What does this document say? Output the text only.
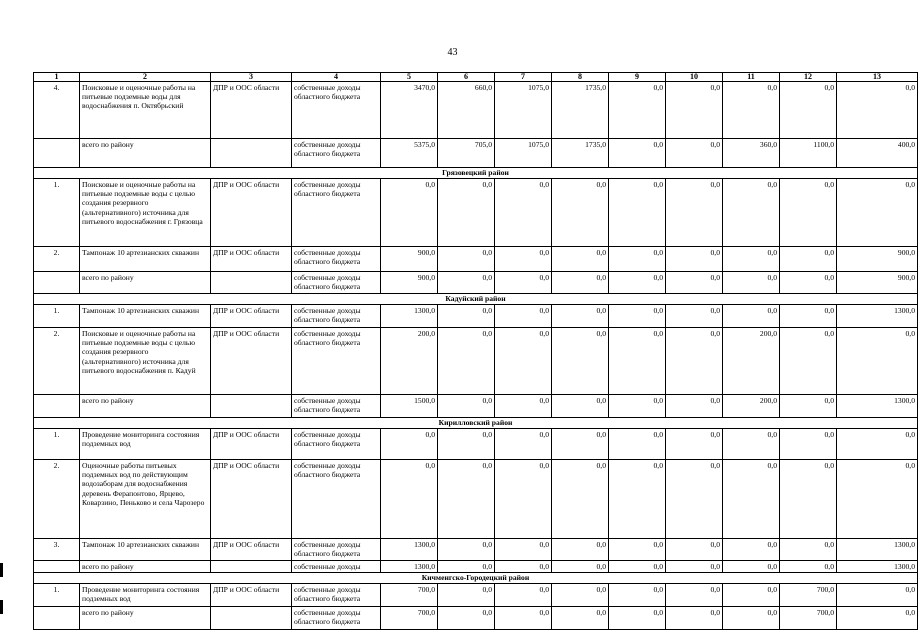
43
1	2	3	4	5	6	7	8	9	10	11	12	13
4.	Поисковые и оценочные работы на питьевые подземные воды для водоснабжения п. Октябрьский	ДПР и ООС области	собственные доходы областного бюджета	3470,0	660,0	1075,0	1735,0	0,0	0,0	0,0	0,0	0,0
	всего по району		собственные доходы областного бюджета	5375,0	705,0	1075,0	1735,0	0,0	0,0	360,0	1100,0	400,0
Грязовецкий район												
1.	Поисковые и оценочные работы на питьевые подземные воды с целью создания резервного (альтернативного) источника для питьевого водоснабжения г. Грязовца	ДПР и ООС области	собственные доходы областного бюджета	0,0	0,0	0,0	0,0	0,0	0,0	0,0	0,0	0,0
2.	Тампонаж 10 артезианских скважин	ДПР и ООС области	собственные доходы областного бюджета	900,0	0,0	0,0	0,0	0,0	0,0	0,0	0,0	900,0
	всего по району		собственные доходы областного бюджета	900,0	0,0	0,0	0,0	0,0	0,0	0,0	0,0	900,0
Кадуйский район												
1.	Тампонаж 10 артезианских скважин	ДПР и ООС области	собственные доходы областного бюджета	1300,0	0,0	0,0	0,0	0,0	0,0	0,0	0,0	1300,0
2.	Поисковые и оценочные работы на питьевые подземные воды с целью создания резервного (альтернативного) источника для питьевого водоснабжения п. Кадуй	ДПР и ООС области	собственные доходы областного бюджета	200,0	0,0	0,0	0,0	0,0	0,0	200,0	0,0	0,0
	всего по району		собственные доходы областного бюджета	1500,0	0,0	0,0	0,0	0,0	0,0	200,0	0,0	1300,0
Кирилловский район												
1.	Проведение мониторинга состояния подземных вод	ДПР и ООС области	собственные доходы областного бюджета	0,0	0,0	0,0	0,0	0,0	0,0	0,0	0,0	0,0
2.	Оценочные работы питьевых подземных вод по действующим водозаборам для водоснабжения деревень Ферапонтово, Ярцево, Коварзино, Пеньково и села Чарозеро	ДПР и ООС области	собственные доходы областного бюджета	0,0	0,0	0,0	0,0	0,0	0,0	0,0	0,0	0,0
3.	Тампонаж 10 артезианских скважин	ДПР и ООС области	собственные доходы областного бюджета	1300,0	0,0	0,0	0,0	0,0	0,0	0,0	0,0	1300,0
	всего по району		собственные доходы	1300,0	0,0	0,0	0,0	0,0	0,0	0,0	0,0	1300,0
Кичменгско-Городецкий район												
1.	Проведение мониторинга состояния подземных вод	ДПР и ООС области	собственные доходы областного бюджета	700,0	0,0	0,0	0,0	0,0	0,0	0,0	700,0	0,0
	всего по району		собственные доходы областного бюджета	700,0	0,0	0,0	0,0	0,0	0,0	0,0	700,0	0,0
